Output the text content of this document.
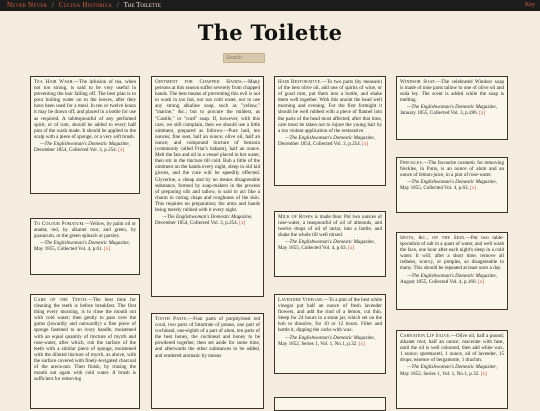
Never Never / Cucina Historica / The Toilette	Key
The Toilette
Search

Tea Hair Wash.—The infusion of tea, when not too strong, is said to be very useful in preventing the hair falling off. The best plan is to pour boiling water on to the leaves, after they have been used for a meal. In ten or twelve hours it may be drawn off, and placed in a bottle for use as required. A tablespoonful of any perfumed spirit, or of rum, should be added to every half pint of the wash made. It should be applied to the scalp with a piece of sponge, or a very soft brush.

—The Englishwoman's Domestic Magazine,

December 1854, Collected Vol. 3, p.254. [x]

To Colour Pomatum.—Yellow, by palm oil or anatta; red, by alkanet root, and green, by guaiacum, or the green spinach or parsley.

—The Englishwoman's Domestic Magazine,

May 1855, Collected Vol. 4, p.61. [x]

Care of the Teeth.—The best time for cleaning the teeth is before breakfast. The first thing every morning, is to rinse the mouth out with cold water; then gently to pass over the gums (inwardly and outwardly) a fine piece of sponge fastened to an ivory handle, moistened with an equal quantity of tincture of myrrh and rose-water, after which, rub the surface of the teeth with a similar piece of sponge, moistened with the diluted tincture of myrrh, as above, with the surface covered with finely-levigated charcoal of the areca-nut. Then finish, by rinsing the mouth out again with cold water. A brush is sufficient for removing

Ointment for Chapped Hands.—Many persons at this season suffer severely from chapped hands. The best means of preventing this evil is not to wash in too hot, nor too cold water, nor to use any strong alkaline soap, such as "yellow," "marine," &c.; but to procure the mildest, as "Castile," or "curd" soap. If, however, with this care, we still complain, then we should use a little ointment, prepared as follows:—Pure lard, ten ounces; fine suet, half an ounce; olive oil, half an ounce; and compound tincture of benzoin (commonly called Friar's balsam), half an ounce. Melt the fats and oil in a vessel placed in hot water, then stir in the tincture till cold. Rub a little of the ointment on the hands every night, sleep in old kid gloves, and the cure will be speedily effected. Glycerine, a cheap and by no means disagreeable substance, formed by soap-makers in the process of preparing oils and tallow, is said to act like a charm in curing chaps and roughness of the skin. This requires no preparation; the arms and hands being merely rubbed with it every night.

—The Englishwoman's Domestic Magazine,

December 1854, Collected Vol. 3, p.254. [x]

Tooth Paste.—Four parts of porphyrised red coral, two parts of bitartrate of potass, one part of cochineal, one-eighth of a part of alum, ten parts of the best honey, the cochineal and honey to be powdered together, then set aside for some time, and afterwards the other substances to be added, and rendered aromatic by means

Hair Restorative.—To two parts (by measure) of the best olive oil, add one of spirits of wine, or of good rum, put them into a bottle, and shake them well together. With this anoint the head well morning and evening. For the first fortnight it should be well rubbed with a piece of flannel into the parts of the head most affected; after that time, care must be taken not to injure the young hair by a too violent application of the restorative.

—The Englishwoman's Domestic Magazine,

December 1854, Collected Vol. 3, p.254. [x]

Milk of Roses is made thus: Put two ounces of rose-water, a teaspoonful of oil of almonds, and twelve drops of oil of tartar, into a bottle, and shake the whole till well mixed.

—The Englishwoman's Domestic Magazine,

May 1855, Collected Vol. 4, p.63. [x]

Lavender Vinegar.—To a pint of the best white vinegar put half an ounce of fresh lavender flowers, and add the rind of a lemon, cut thin. Steep for 24 hours in a stone jar, which set on the hob to dissolve, for 10 or 12 hours. Filter and bottle it, dipping the corks with wax.

—The Englishwoman's Domestic Magazine,

May 1852, Series 1, Vol. 1, No.1, p.32. [x]

Windsor Soap.—The celebrated Windsor soap is made of nine parts tallow to one of olive oil and soda ley. The scent is added while the soap is melting.

—The Englishwoman's Domestic Magazine,

January 1855, Collected Vol. 3, p.286. [x]

Freckles.—The favourite cosmetic for removing freckles, in Paris, is an ounce of alum and an ounce of lemon-juice, in a pint of rose-water.

—The Englishwoman's Domestic Magazine,

May 1855, Collected Vol. 4, p.63. [x]

Spots, &c., on the Skin.—Put two table-spoonfuls of salt in a quart of water, and well wash the face, one hour after each night's sleep in a cold water. It will, after a short time, remove all redness, scurvy, or pimples, so disagreeable to many. This should be repeated at least once a day.

—The Englishwoman's Domestic Magazine,

August 1855, Collected Vol. 4, p.160. [x]

Carnation Lip Salve.—Olive oil, half a pound; alkanet root, half an ounce; macerate with heat, until the oil is well coloured, then add white wax, 1 ounce; spermaceti, 1 ounce, oil of lavender, 15 drops; essence of bergamotte, 1 drachm.

—The Englishwoman's Domestic Magazine,

May 1852, Series 1, Vol. 1, No.1, p.32. [x]
